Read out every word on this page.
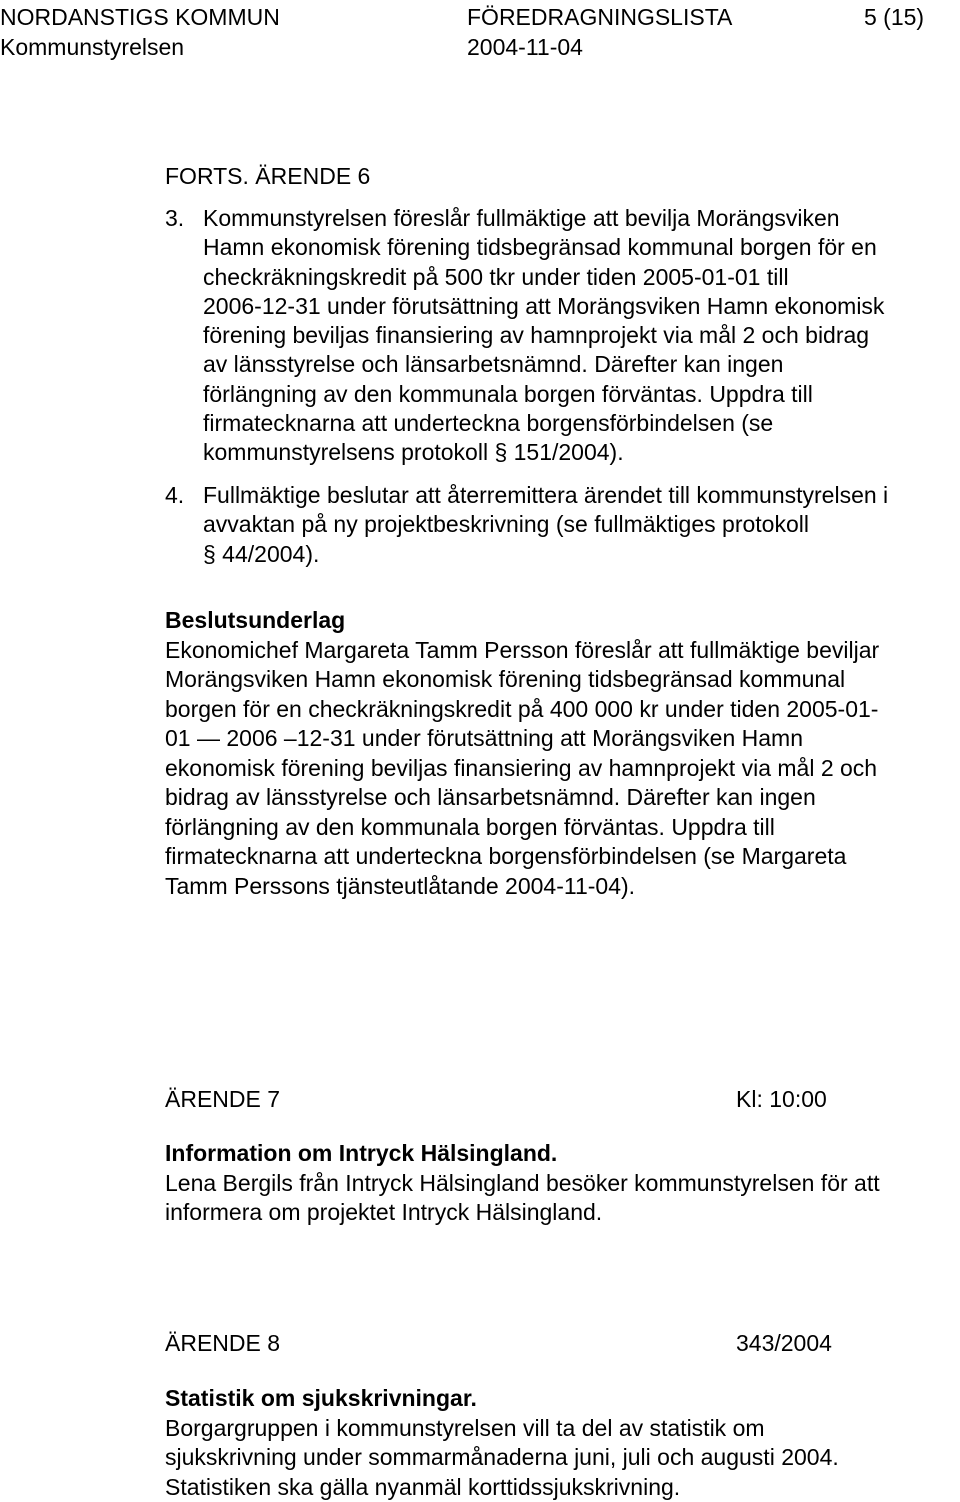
NORDANSTIGS KOMMUN	FÖREDRAGNINGSLISTA	5 (15)
Kommunstyrelsen	2004-11-04
FORTS. ÄRENDE 6
3. Kommunstyrelsen föreslår fullmäktige att bevilja Morängsviken
Hamn ekonomisk förening tidsbegränsad kommunal borgen för en
checkräkningskredit på 500 tkr under tiden 2005-01-01 till
2006-12-31 under förutsättning att Morängsviken Hamn ekonomisk
förening beviljas finansiering av hamnprojekt via mål 2 och bidrag
av länsstyrelse och länsarbetsnämnd. Därefter kan ingen
förlängning av den kommunala borgen förväntas. Uppdra till
firmatecknarna att underteckna borgensförbindelsen (se
kommunstyrelsens protokoll § 151/2004).
4. Fullmäktige beslutar att återremittera ärendet till kommunstyrelsen i
avvaktan på ny projektbeskrivning (se fullmäktiges protokoll
§ 44/2004).
Beslutsunderlag
Ekonomichef Margareta Tamm Persson föreslår att fullmäktige beviljar
Morängsviken Hamn ekonomisk förening tidsbegränsad kommunal
borgen för en checkräkningskredit på 400 000 kr under tiden 2005-01-
01 — 2006 –12-31 under förutsättning att Morängsviken Hamn
ekonomisk förening beviljas finansiering av hamnprojekt via mål 2 och
bidrag av länsstyrelse och länsarbetsnämnd. Därefter kan ingen
förlängning av den kommunala borgen förväntas. Uppdra till
firmatecknarna att underteckna borgensförbindelsen (se Margareta
Tamm Perssons tjänsteutlåtande 2004-11-04).
ÄRENDE 7	Kl: 10:00
Information om Intryck Hälsingland.
Lena Bergils från Intryck Hälsingland besöker kommunstyrelsen för att
informera om projektet Intryck Hälsingland.
ÄRENDE 8	343/2004
Statistik om sjukskrivningar.
Borgargruppen i kommunstyrelsen vill ta del av statistik om
sjukskrivning under sommarmånaderna juni, juli och augusti 2004.
Statistiken ska gälla nyanmäl korttidssjukskrivning.
